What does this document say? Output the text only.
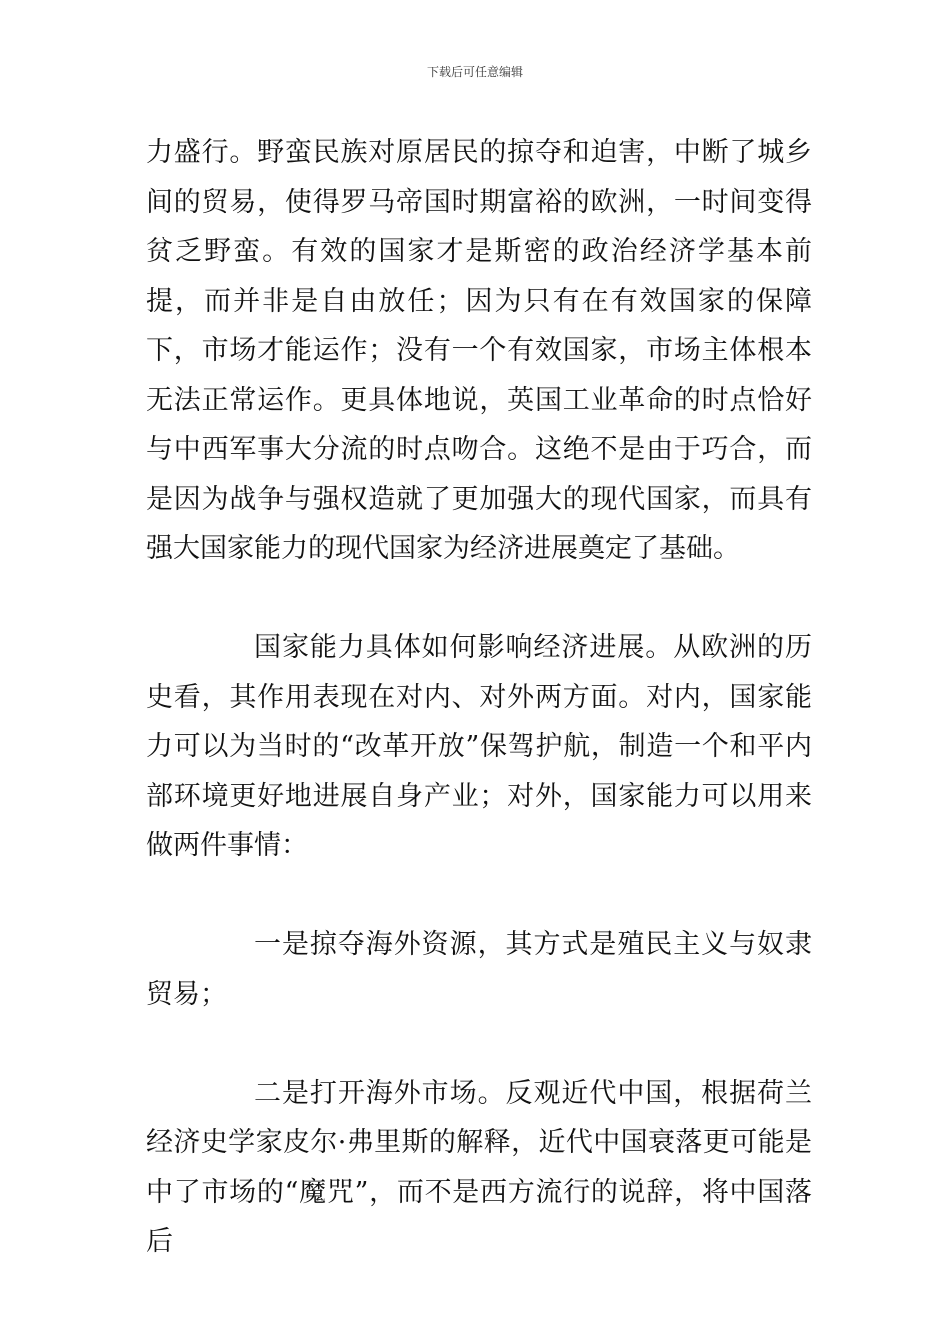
下载后可任意编辑

力盛行。野蛮民族对原居民的掠夺和迫害，中断了城乡间的贸易，使得罗马帝国时期富裕的欧洲，一时间变得贫乏野蛮。有效的国家才是斯密的政治经济学基本前提，而并非是自由放任；因为只有在有效国家的保障下，市场才能运作；没有一个有效国家，市场主体根本无法正常运作。更具体地说，英国工业革命的时点恰好与中西军事大分流的时点吻合。这绝不是由于巧合，而是因为战争与强权造就了更加强大的现代国家，而具有强大国家能力的现代国家为经济进展奠定了基础。

国家能力具体如何影响经济进展。从欧洲的历史看，其作用表现在对内、对外两方面。对内，国家能力可以为当时的“改革开放”保驾护航，制造一个和平内部环境更好地进展自身产业；对外，国家能力可以用来做两件事情：

一是掠夺海外资源，其方式是殖民主义与奴隶贸易；

二是打开海外市场。反观近代中国，根据荷兰经济史学家皮尔·弗里斯的解释，近代中国衰落更可能是中了市场的“魔咒”，而不是西方流行的说辞，将中国落后
